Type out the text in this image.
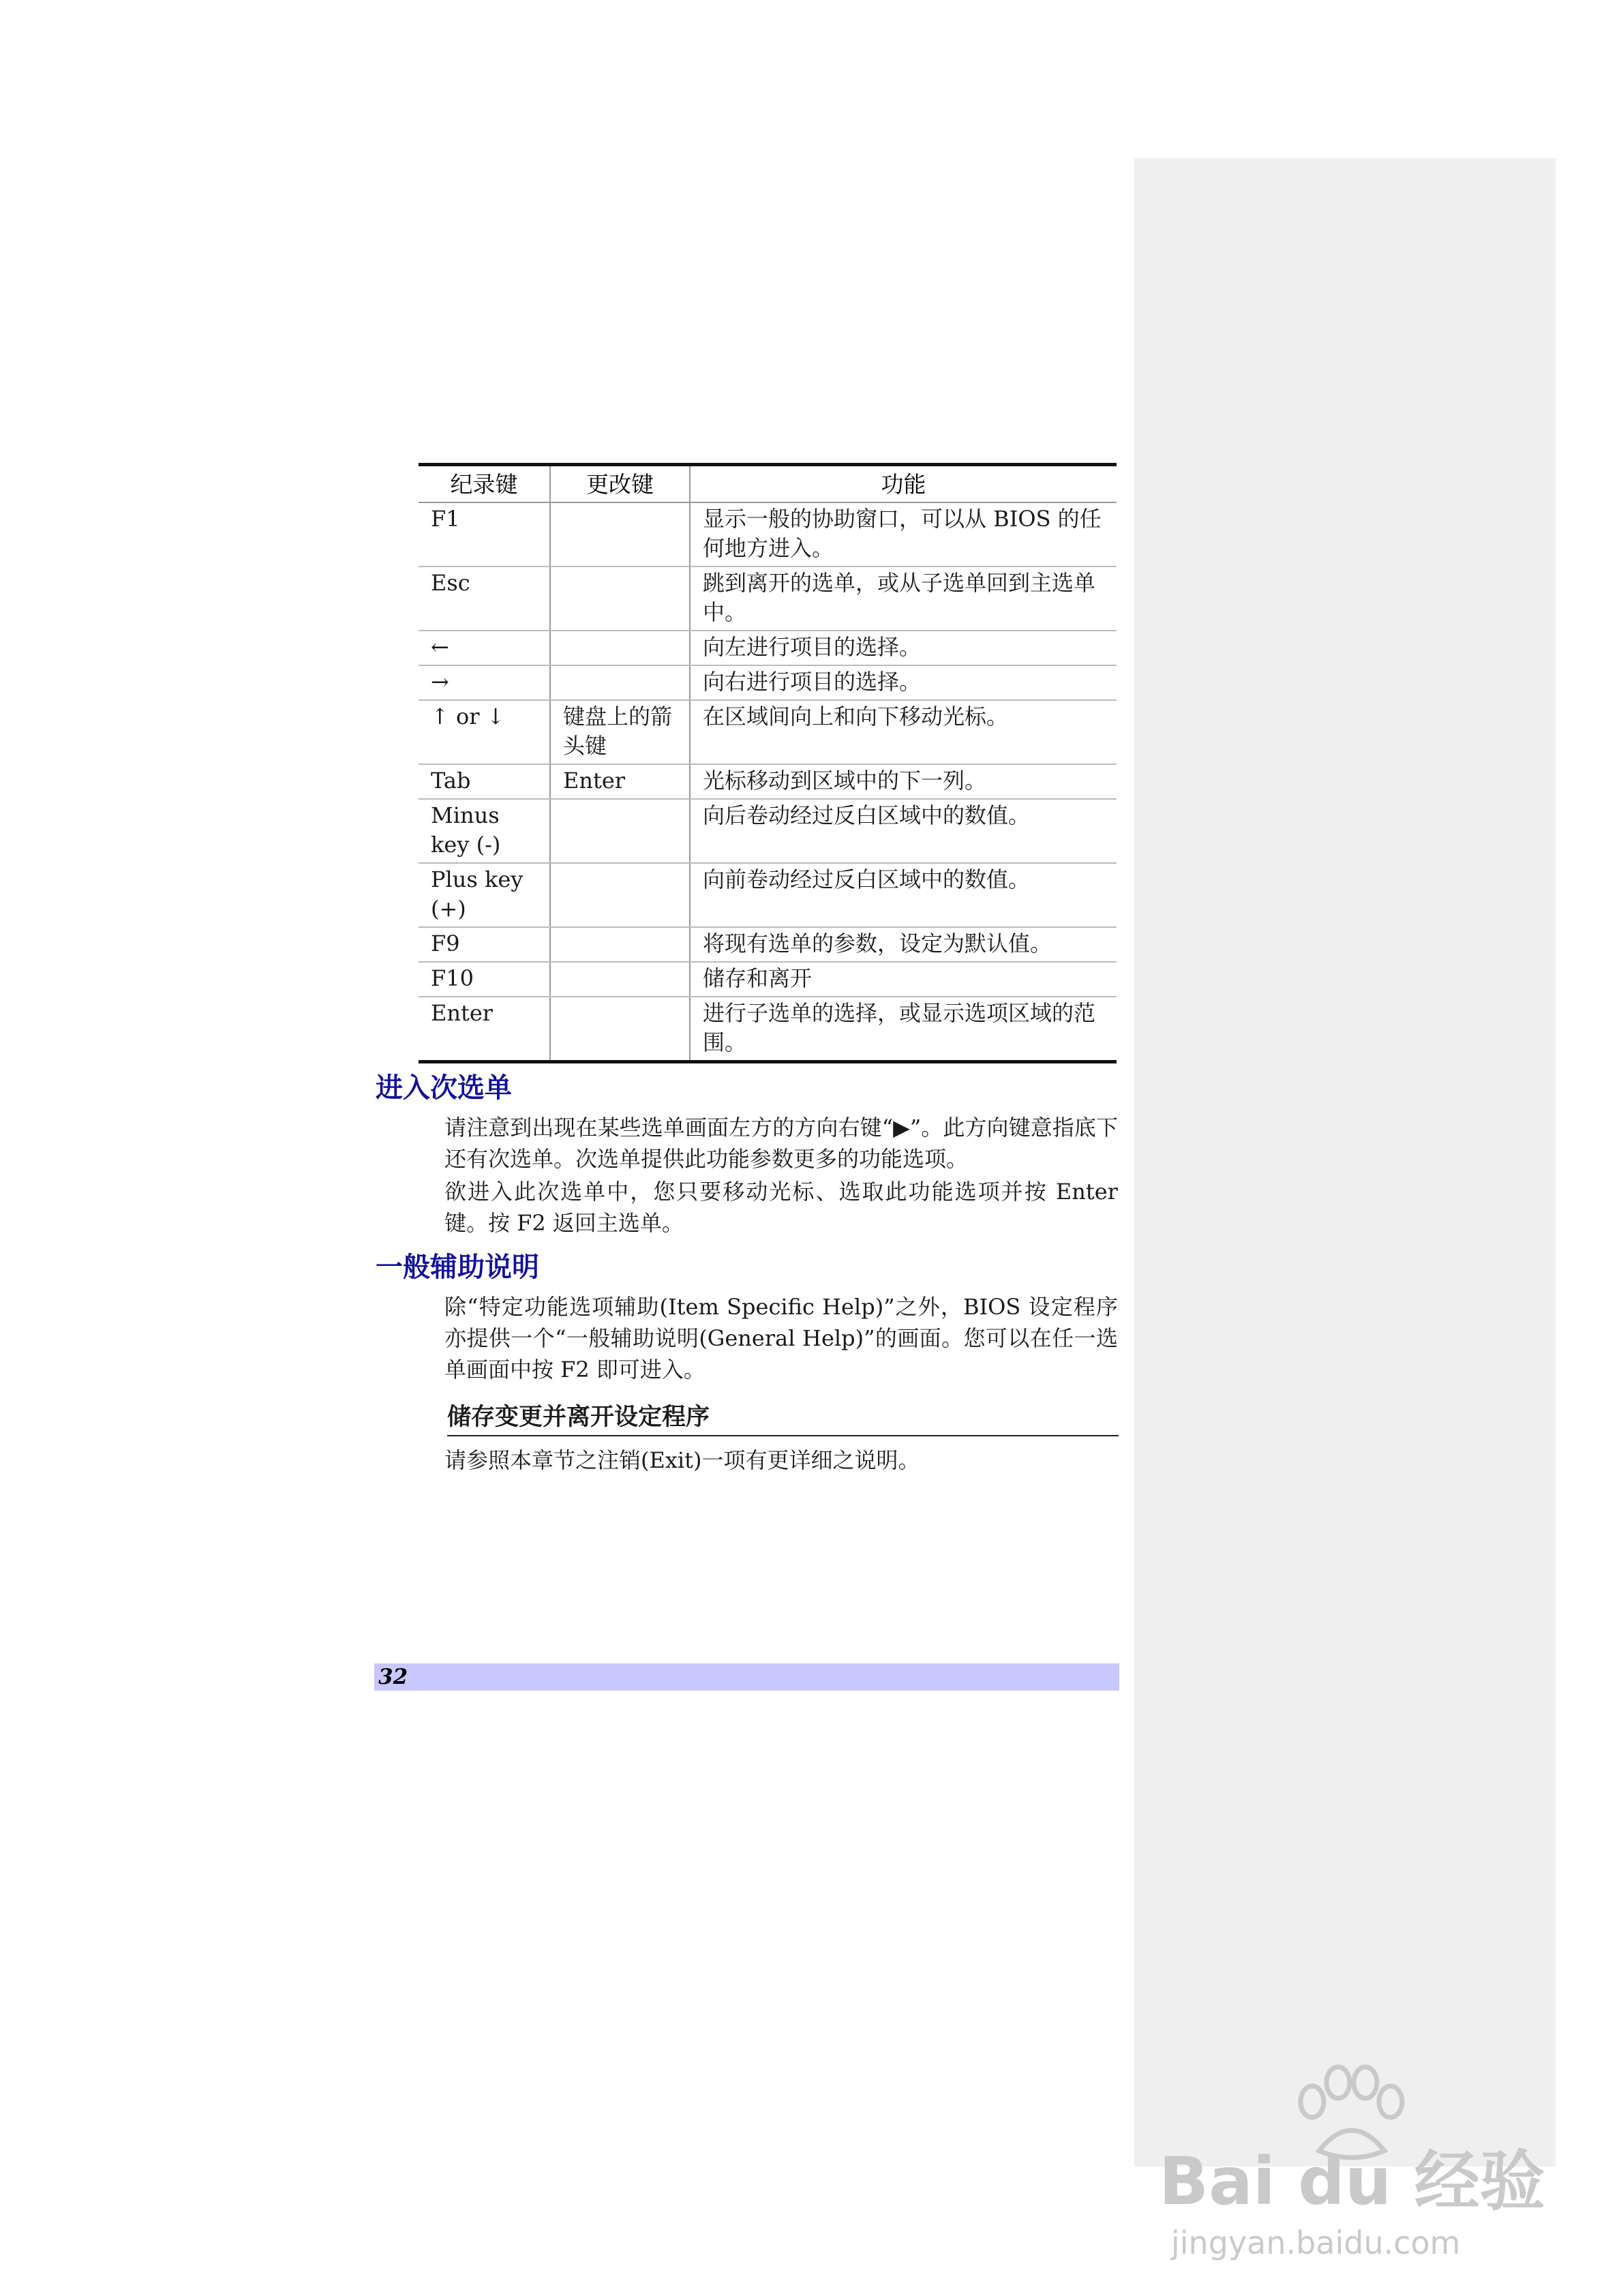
纪录键	更改键	功能
F1		显示一般的协助窗口，可以从 BIOS 的任何地方进入。
Esc		跳到离开的选单，或从子选单回到主选单中。
←		向左进行项目的选择。
→		向右进行项目的选择。
↑ or ↓	键盘上的箭头键	在区域间向上和向下移动光标。
Tab	Enter	光标移动到区域中的下一列。
Minus key (-)		向后卷动经过反白区域中的数值。
Plus key (+)		向前卷动经过反白区域中的数值。
F9		将现有选单的参数，设定为默认值。
F10		储存和离开
Enter		进行子选单的选择，或显示选项区域的范围。
进入次选单

请注意到出现在某些选单画面左方的方向右键“▶”。此方向键意指底下还有次选单。次选单提供此功能参数更多的功能选项。

欲进入此次选单中，您只要移动光标、选取此功能选项并按 Enter 键。按 F2 返回主选单。

一般辅助说明

除“特定功能选项辅助(Item Specific Help)”之外，BIOS 设定程序亦提供一个“一般辅助说明(General Help)”的画面。您可以在任一选单画面中按 F2 即可进入。

储存变更并离开设定程序

请参照本章节之注销(Exit)一项有更详细之说明。

32
Bai du 经验
jingyan.baidu.com
